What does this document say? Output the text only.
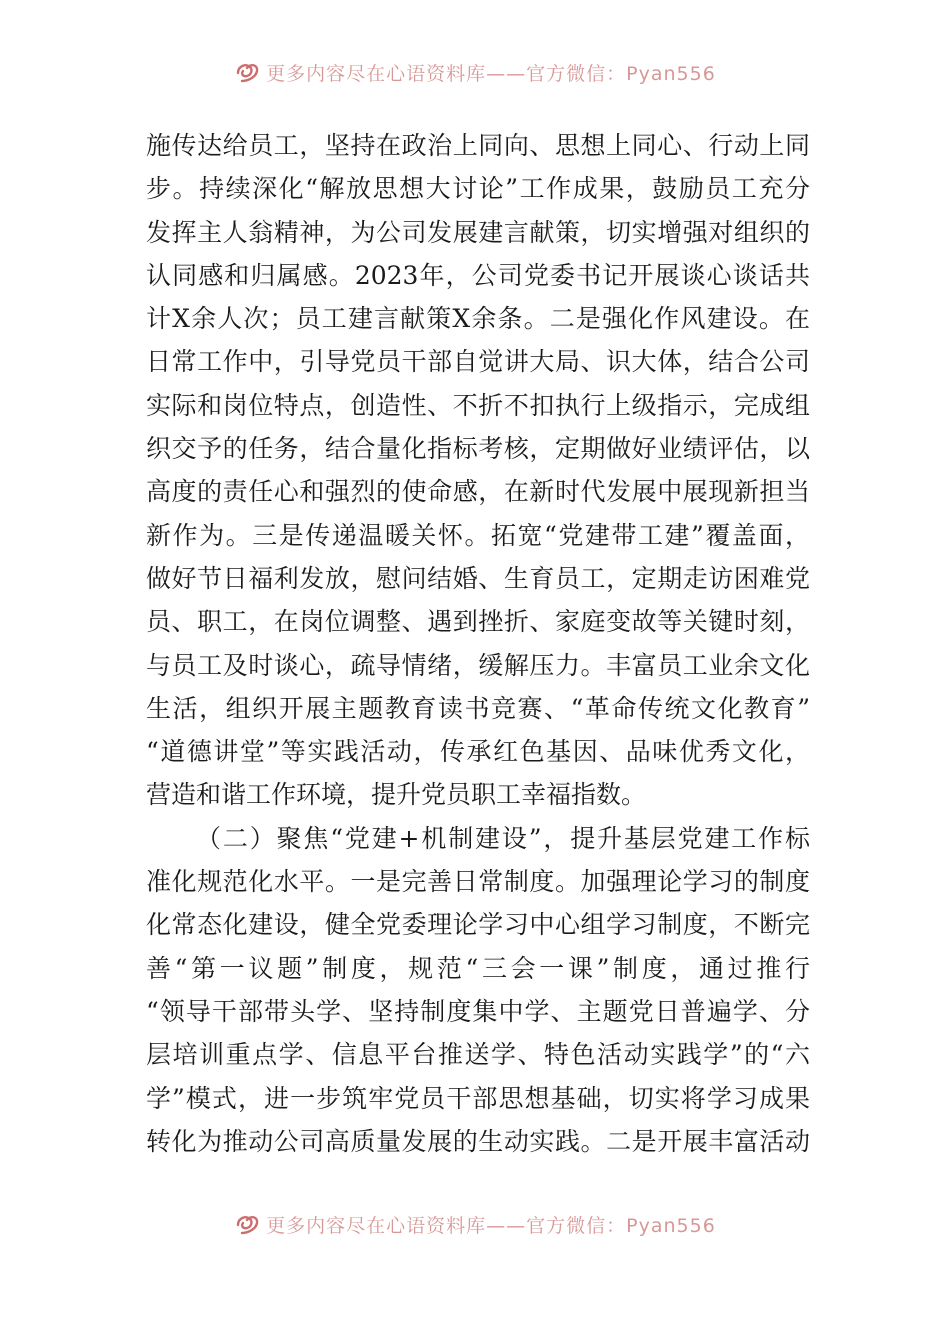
更多内容尽在心语资料库——官方微信：Pyan556
施传达给员工，坚持在政治上同向、思想上同心、行动上同
步。持续深化“解放思想大讨论”工作成果，鼓励员工充分
发挥主人翁精神，为公司发展建言献策，切实增强对组织的
认同感和归属感。2023年，公司党委书记开展谈心谈话共
计X余人次；员工建言献策X余条。二是强化作风建设。在
日常工作中，引导党员干部自觉讲大局、识大体，结合公司
实际和岗位特点，创造性、不折不扣执行上级指示，完成组
织交予的任务，结合量化指标考核，定期做好业绩评估，以
高度的责任心和强烈的使命感，在新时代发展中展现新担当
新作为。三是传递温暖关怀。拓宽“党建带工建”覆盖面，
做好节日福利发放，慰问结婚、生育员工，定期走访困难党
员、职工，在岗位调整、遇到挫折、家庭变故等关键时刻，
与员工及时谈心，疏导情绪，缓解压力。丰富员工业余文化
生活，组织开展主题教育读书竞赛、“革命传统文化教育”
“道德讲堂”等实践活动，传承红色基因、品味优秀文化，
营造和谐工作环境，提升党员职工幸福指数。
（二）聚焦“党建+机制建设”，提升基层党建工作标
准化规范化水平。一是完善日常制度。加强理论学习的制度
化常态化建设，健全党委理论学习中心组学习制度，不断完
善“第一议题”制度，规范“三会一课”制度，通过推行
“领导干部带头学、坚持制度集中学、主题党日普遍学、分
层培训重点学、信息平台推送学、特色活动实践学”的“六
学”模式，进一步筑牢党员干部思想基础，切实将学习成果
转化为推动公司高质量发展的生动实践。二是开展丰富活动
更多内容尽在心语资料库——官方微信：Pyan556
